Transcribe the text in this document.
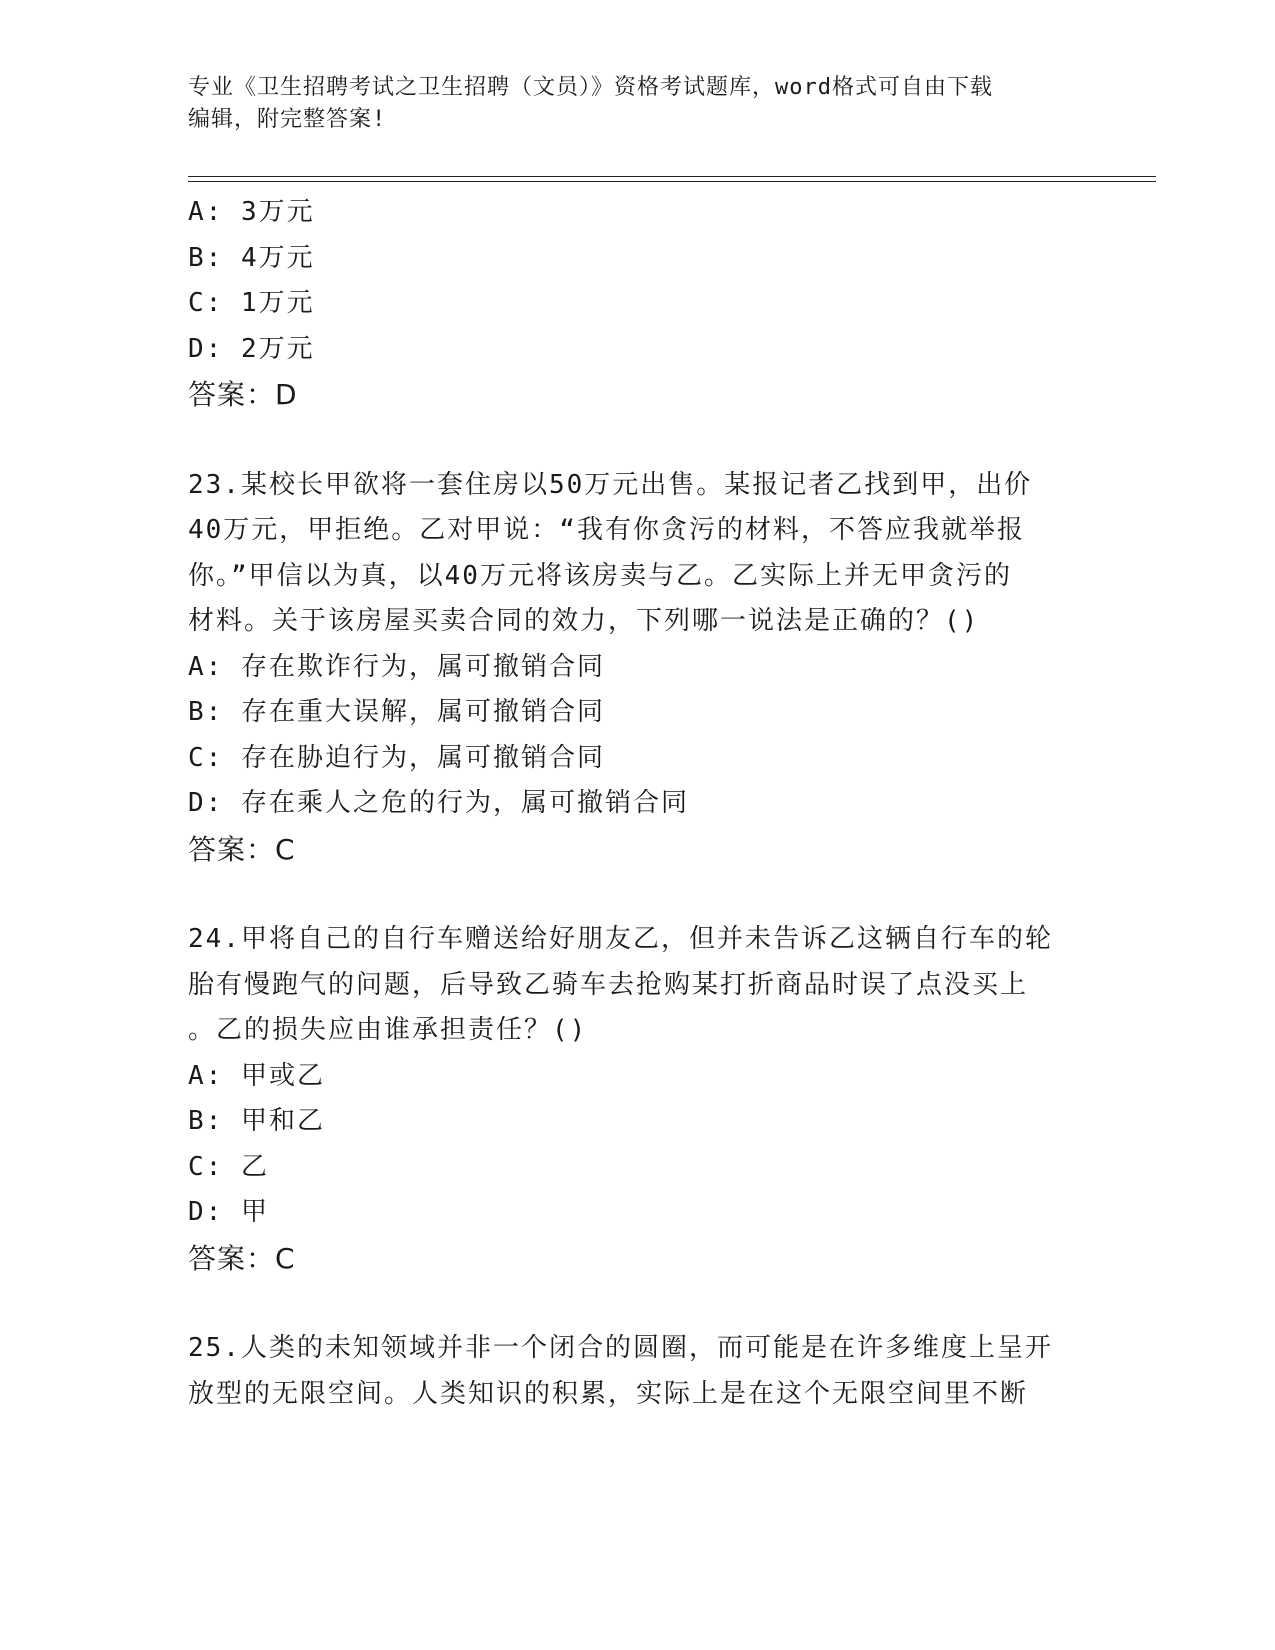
专业《卫生招聘考试之卫生招聘（文员）》资格考试题库，word格式可自由下载
编辑，附完整答案!
A: 3万元
B: 4万元
C: 1万元
D: 2万元
答案：D
23.某校长甲欲将一套住房以50万元出售。某报记者乙找到甲，出价
40万元，甲拒绝。乙对甲说：“我有你贪污的材料，不答应我就举报
你。”甲信以为真，以40万元将该房卖与乙。乙实际上并无甲贪污的
材料。关于该房屋买卖合同的效力，下列哪一说法是正确的？()
A: 存在欺诈行为，属可撤销合同
B: 存在重大误解，属可撤销合同
C: 存在胁迫行为，属可撤销合同
D: 存在乘人之危的行为，属可撤销合同
答案：C
24.甲将自己的自行车赠送给好朋友乙，但并未告诉乙这辆自行车的轮
胎有慢跑气的问题，后导致乙骑车去抢购某打折商品时误了点没买上
。乙的损失应由谁承担责任？()
A: 甲或乙
B: 甲和乙
C: 乙
D: 甲
答案：C
25.人类的未知领域并非一个闭合的圆圈，而可能是在许多维度上呈开
放型的无限空间。人类知识的积累，实际上是在这个无限空间里不断
